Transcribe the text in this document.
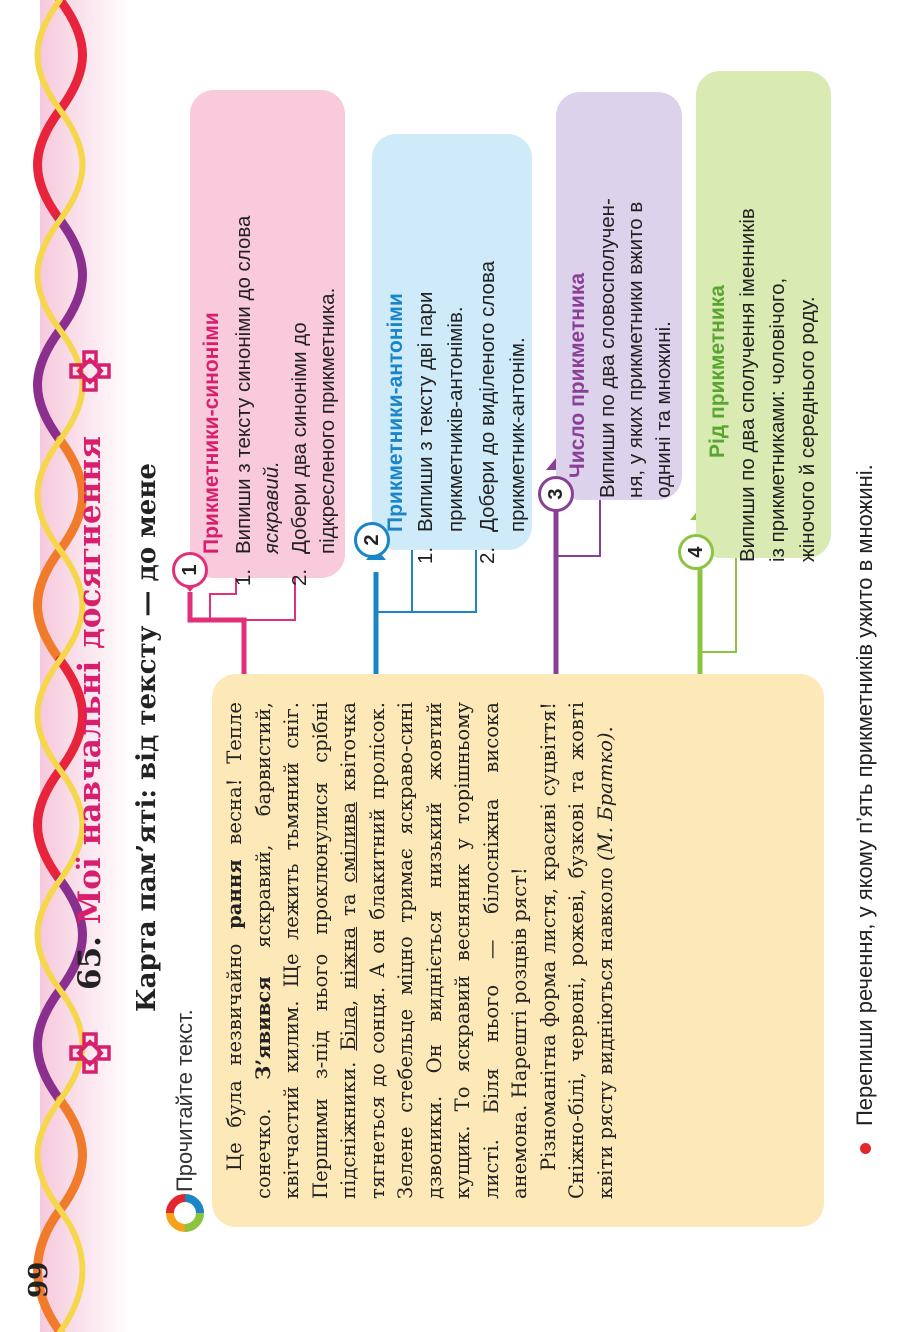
99
65.
Мої
навчальні
досягнення Карта пам’яті: від тексту — до мене
Прочитайте текст. Це була незвичайно рання весна! Тепле сонечко. З’явився яскравий, барвистий, квітчастий килим. Ще лежить тьмяний сніг. Першими з-під нього проклюнулися срібні підсніжники. Біла, ніжна та смілива квіточка тягнеться до сонця. А он блакитний пролісок. Зелене стебельце міцно тримає яскраво-сині дзвоники. Он видніється низький жовтий кущик. То яскравий весняник у торішньому листі. Біля нього — білосніжна висока анемона. Нарешті розцвів ряст! Різноманітна форма листя, красиві суцвіття! Сніжно-білі, червоні, рожеві, бузкові та жовті квіти рясту видніються навколо (М. Братко).

1
Прикметники-синоніми
1.
Випиши з тексту синоніми до слова яскравий.
2.
Добери два синоніми до підкресленого прикметника.	2
Прикметники-антоніми
1.
Випиши з тексту дві пари прикметників-антонімів.
2.
Добери до виділеного слова прикметник-антонім. 3
Число прикметника Випиши по два словосполучен- ня, у яких прикметники вжито в однині та множині.
4
Рід прикметника Випиши по два сполучення іменників із прикметниками: чоловічого, жіночого й середнього роду.
Перепиши речення, у якому п’ять прикметників ужито в множині.
